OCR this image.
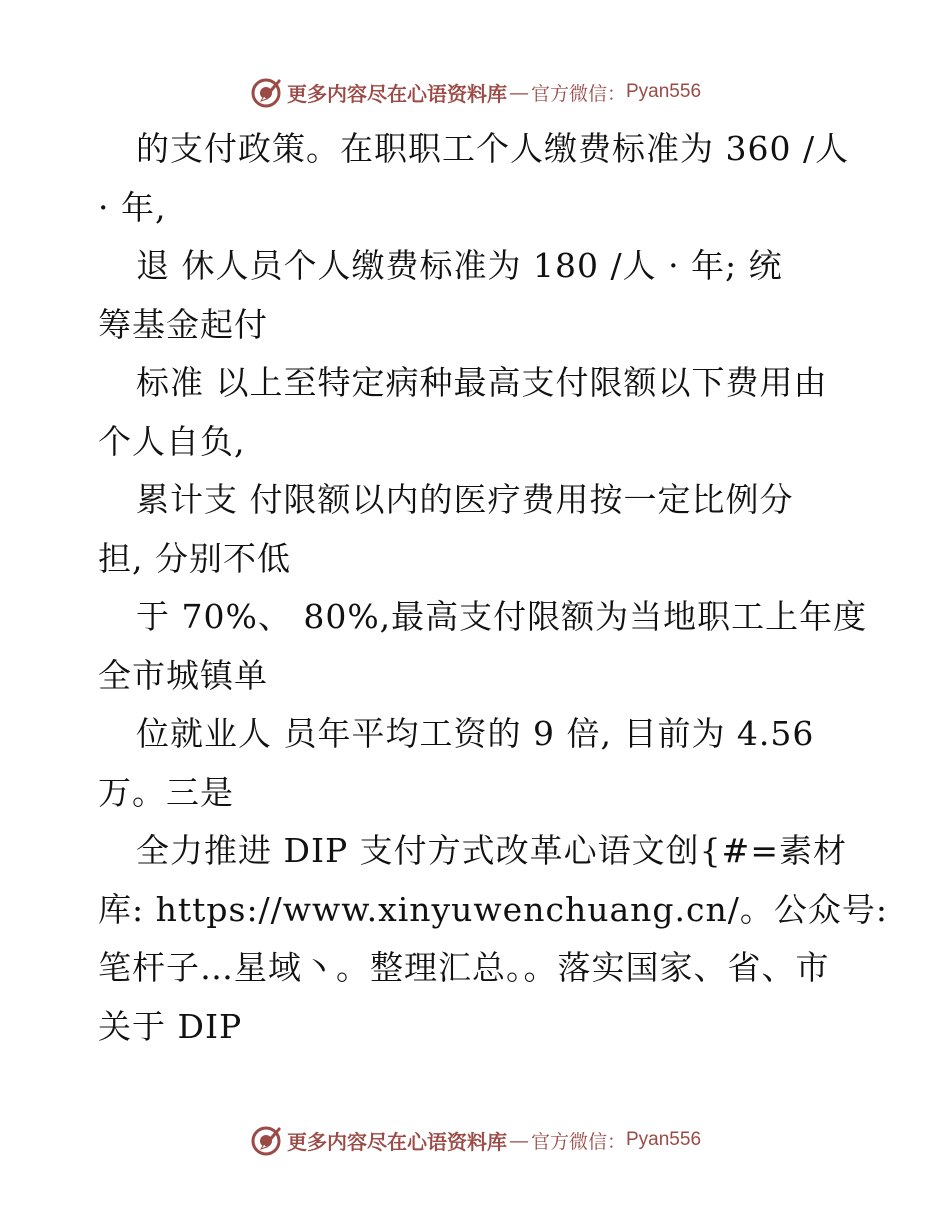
更多内容尽在心语资料库 — 官方微信： Pyan556
的支付政策。在职职工个人缴费标准为 360 /人
· 年,
退 休人员个人缴费标准为 180 /人 · 年; 统
筹基金起付
标准 以上至特定病种最高支付限额以下费用由
个人自负,
累计支 付限额以内的医疗费用按一定比例分
担, 分别不低
于 70%、 80%,最高支付限额为当地职工上年度
全市城镇单
位就业人 员年平均工资的 9 倍, 目前为 4.56
万。三是
全力推进 DIP 支付方式改革心语文创{#=素材
库: https://www.xinyuwenchuang.cn/。公众号:
笔杆子…星域丶。整理汇总。。落实国家、省、市
关于 DIP
更多内容尽在心语资料库 — 官方微信： Pyan556
